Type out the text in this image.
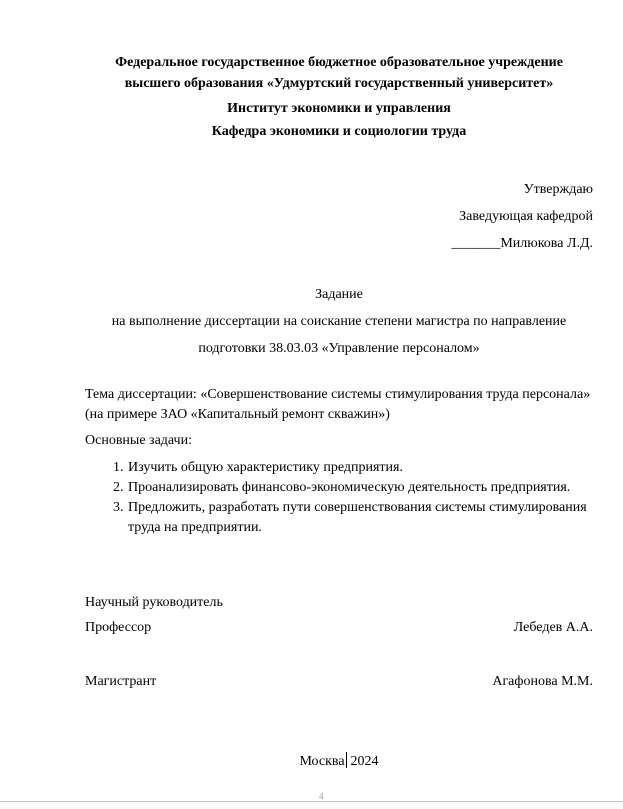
Федеральное государственное бюджетное образовательное учреждение
высшего образования «Удмуртский государственный университет»
Институт экономики и управления
Кафедра экономики и социологии труда
Утверждаю
Заведующая кафедрой
_______Милюкова Л.Д.
Задание
на выполнение диссертации на соискание степени магистра по направление
подготовки 38.03.03 «Управление персоналом»
Тема диссертации: «Совершенствование системы стимулирования труда персонала» (на примере ЗАО «Капитальный ремонт скважин»)
Основные задачи:
1. Изучить общую характеристику предприятия.
2. Проанализировать финансово-экономическую деятельность предприятия.
3. Предложить, разработать пути совершенствования системы стимулирования труда на предприятии.
Научный руководитель
Профессор	Лебедев А.А.
Магистрант	Агафонова М.М.
Москва 2024
4
